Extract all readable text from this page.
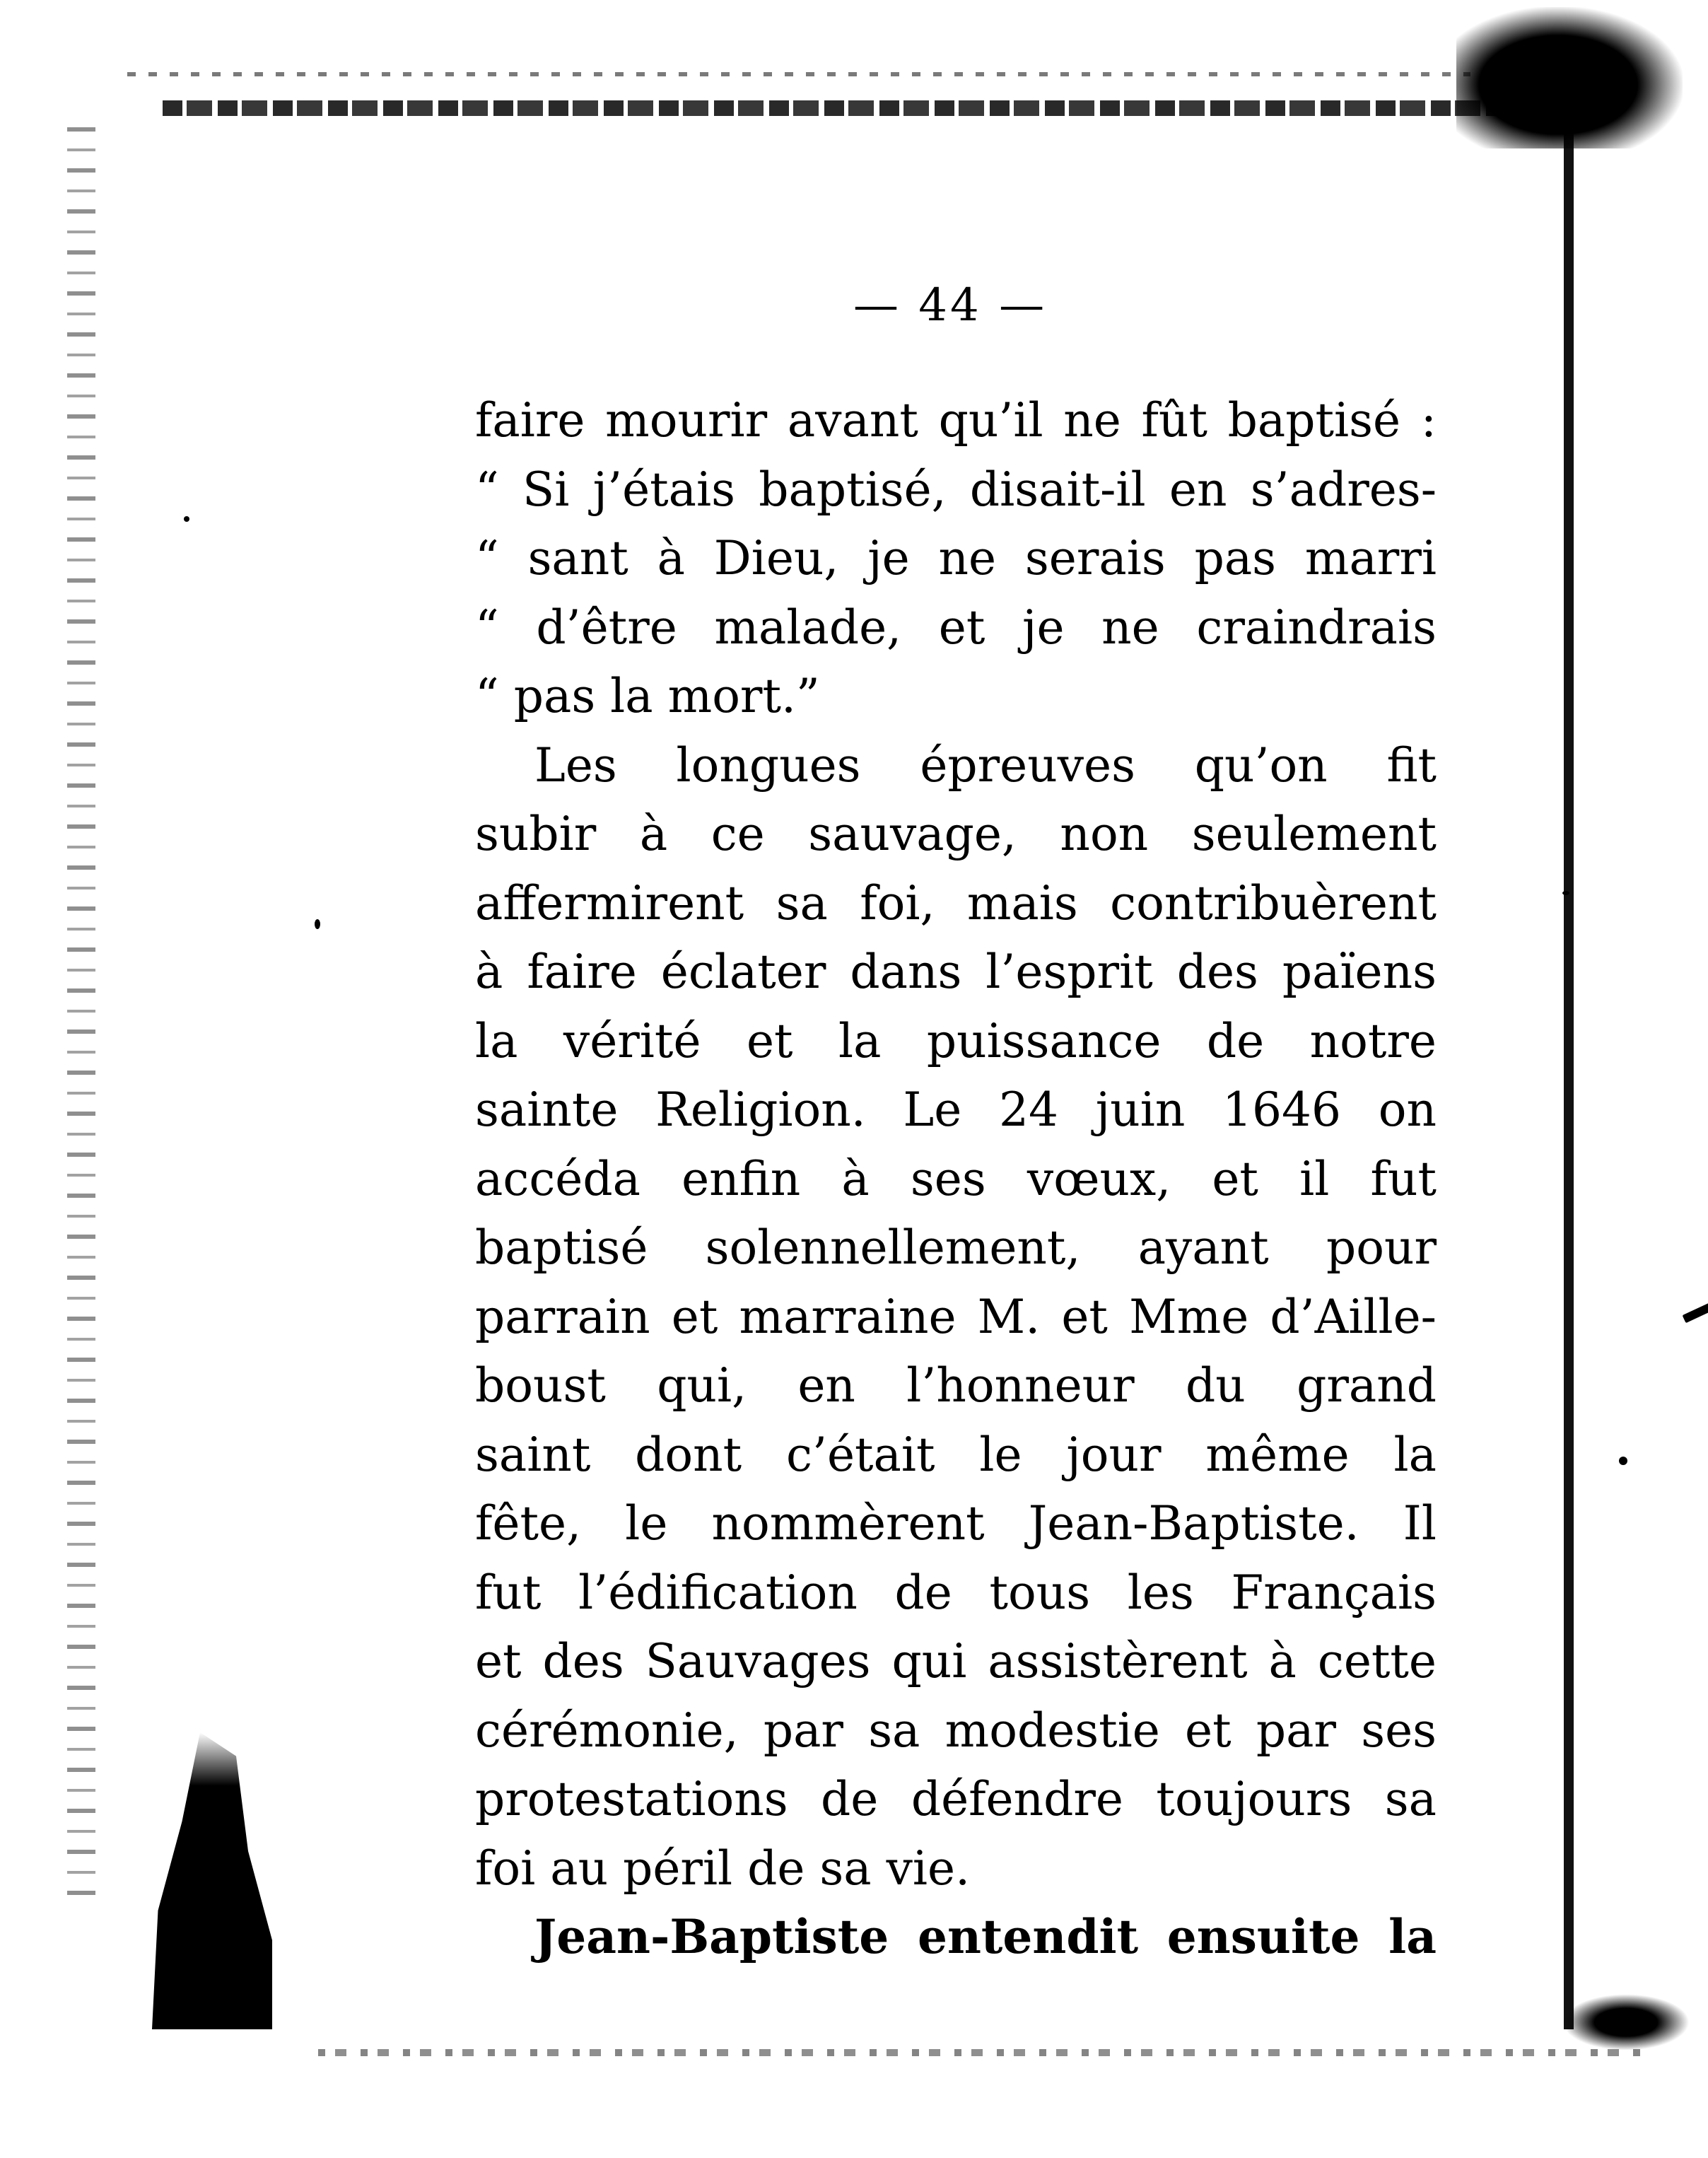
— 44 —
faire mourir avant qu’il ne fût baptisé :
“ Si j’étais baptisé, disait-il en s’adres-
“ sant à Dieu, je ne serais pas marri
“ d’être malade, et je ne craindrais
“ pas la mort.”
Les longues épreuves qu’on fit
subir à ce sauvage, non seulement
affermirent sa foi, mais contribuèrent
à faire éclater dans l’esprit des païens
la vérité et la puissance de notre
sainte Religion. Le 24 juin 1646 on
accéda enfin à ses vœux, et il fut
baptisé solennellement, ayant pour
parrain et marraine M. et Mme d’Aille-
boust qui, en l’honneur du grand
saint dont c’était le jour même la
fête, le nommèrent Jean-Baptiste. Il
fut l’édification de tous les Français
et des Sauvages qui assistèrent à cette
cérémonie, par sa modestie et par ses
protestations de défendre toujours sa
foi au péril de sa vie.
Jean-Baptiste entendit ensuite la
